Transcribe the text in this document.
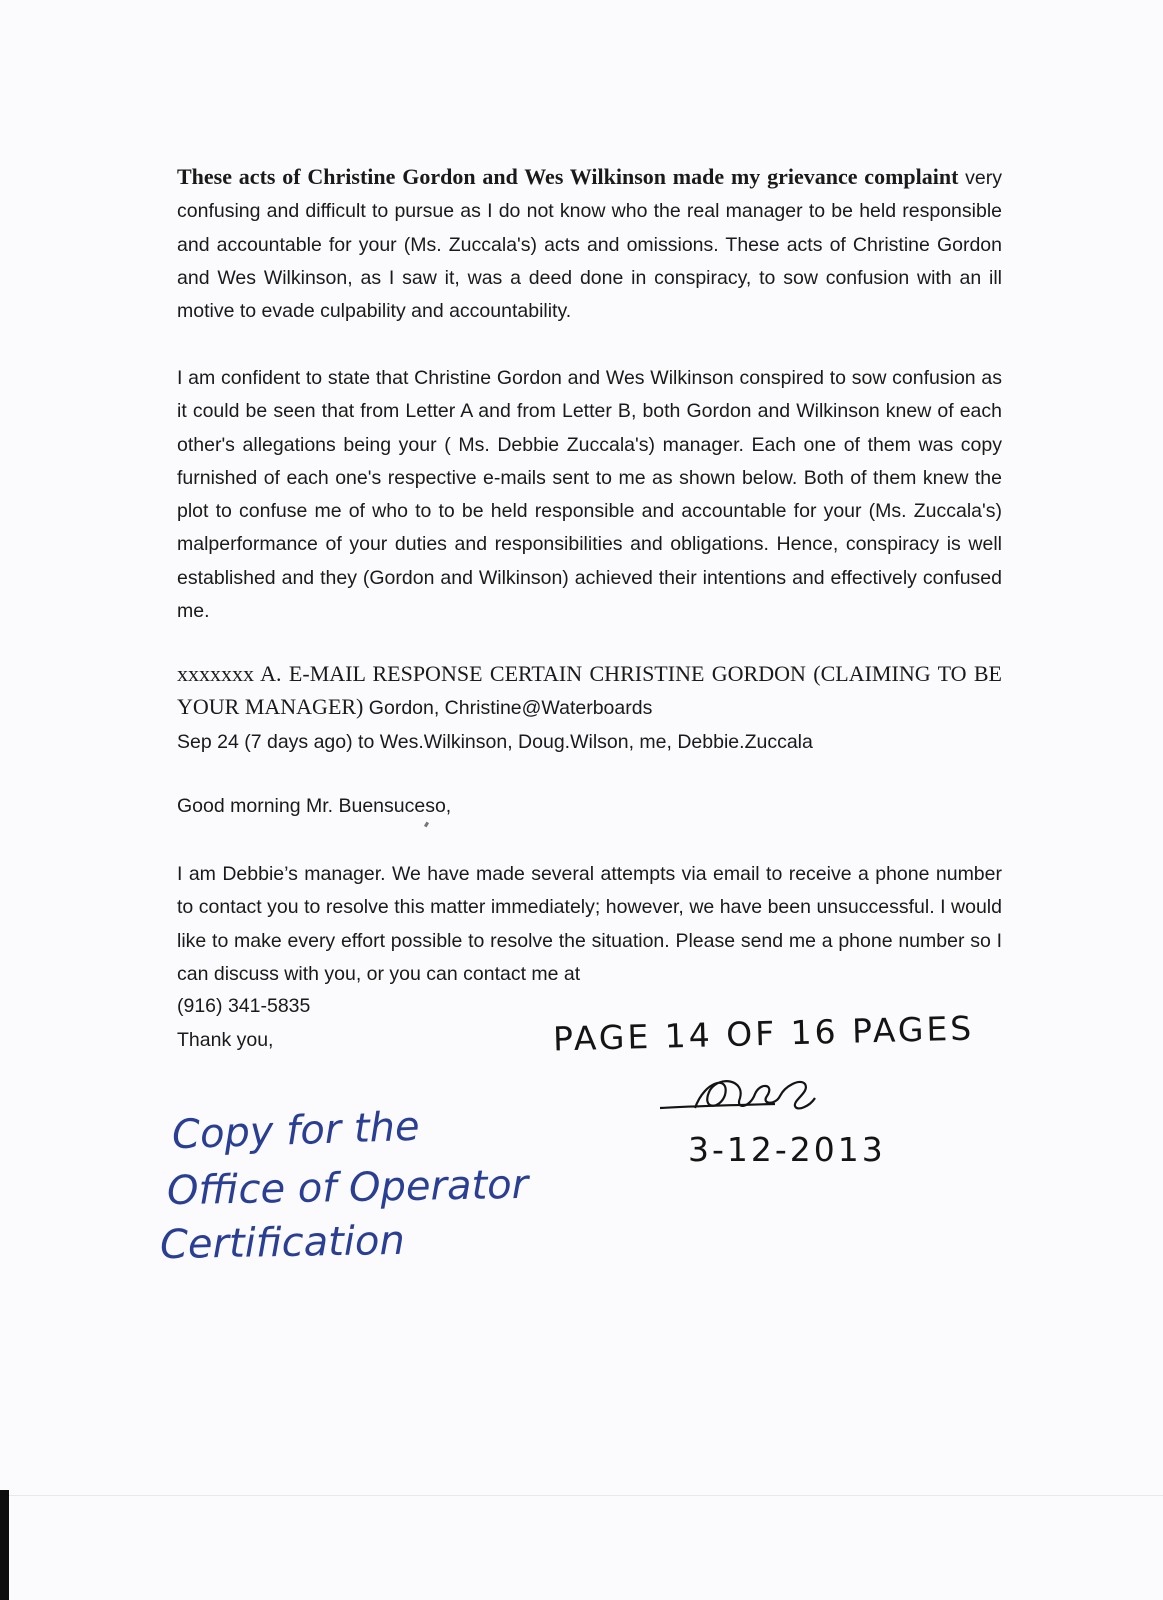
These acts of Christine Gordon and Wes Wilkinson made my grievance complaint very confusing and difficult to pursue as I do not know who the real manager to be held responsible and accountable for your (Ms. Zuccala's) acts and omissions. These acts of Christine Gordon and Wes Wilkinson, as I saw it, was a deed done in conspiracy, to sow confusion with an ill motive to evade culpability and accountability.

I am confident to state that Christine Gordon and Wes Wilkinson conspired to sow confusion as it could be seen that from Letter A and from Letter B, both Gordon and Wilkinson knew of each other's allegations being your ( Ms. Debbie Zuccala's) manager. Each one of them was copy furnished of each one's respective e-mails sent to me as shown below. Both of them knew the plot to confuse me of who to to be held responsible and accountable for your (Ms. Zuccala's) malperformance of your duties and responsibilities and obligations. Hence, conspiracy is well established and they (Gordon and Wilkinson) achieved their intentions and effectively confused me.

xxxxxxx A. E-MAIL RESPONSE CERTAIN CHRISTINE GORDON (CLAIMING TO BE YOUR MANAGER) Gordon, Christine@Waterboards

Sep 24 (7 days ago) to Wes.Wilkinson, Doug.Wilson, me, Debbie.Zuccala

Good morning Mr. Buensuceso,

I am Debbie’s manager. We have made several attempts via email to receive a phone number to contact you to resolve this matter immediately; however, we have been unsuccessful. I would like to make every effort possible to resolve the situation. Please send me a phone number so I can discuss with you, or you can contact me at

(916) 341-5835

Thank you,	PAGE 14 OF 16 PAGES

3-12-2013

Copy for the

Office of Operator

Certification
